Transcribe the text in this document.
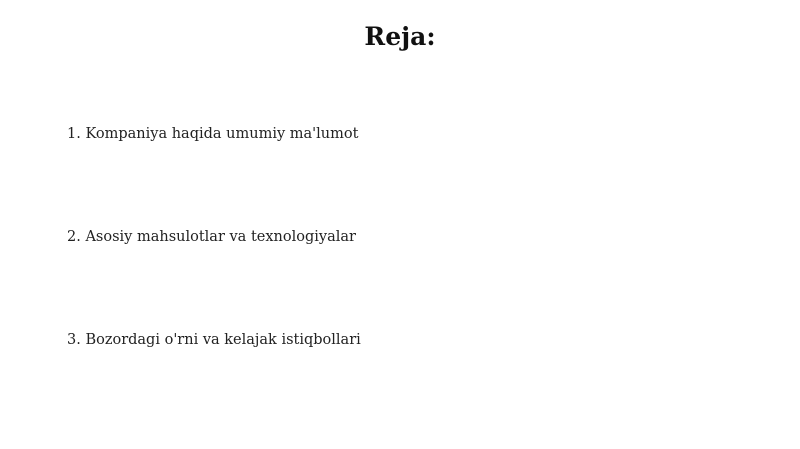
Reja:
1. Kompaniya haqida umumiy ma'lumot
2. Asosiy mahsulotlar va texnologiyalar
3. Bozordagi o'rni va kelajak istiqbollari
